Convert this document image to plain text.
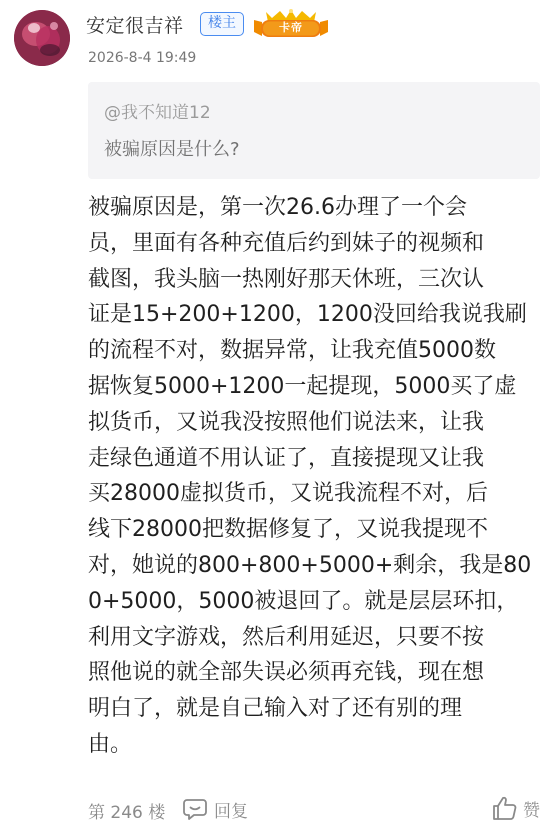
安定很吉祥	楼主	卡帝
2026-8-4 19:49
@我不知道12
被骗原因是什么?
被骗原因是，第一次26.6办理了一个会
员，里面有各种充值后约到妹子的视频和
截图，我头脑一热刚好那天休班，三次认
证是15+200+1200，1200没回给我说我刷
的流程不对，数据异常，让我充值5000数
据恢复5000+1200一起提现，5000买了虚
拟货币，又说我没按照他们说法来，让我
走绿色通道不用认证了，直接提现又让我
买28000虚拟货币，又说我流程不对，后
线下28000把数据修复了，又说我提现不
对，她说的800+800+5000+剩余，我是80
0+5000，5000被退回了。就是层层环扣，
利用文字游戏，然后利用延迟，只要不按
照他说的就全部失误必须再充钱，现在想
明白了，就是自己输入对了还有别的理
由。
第 246 楼	回复	赞
